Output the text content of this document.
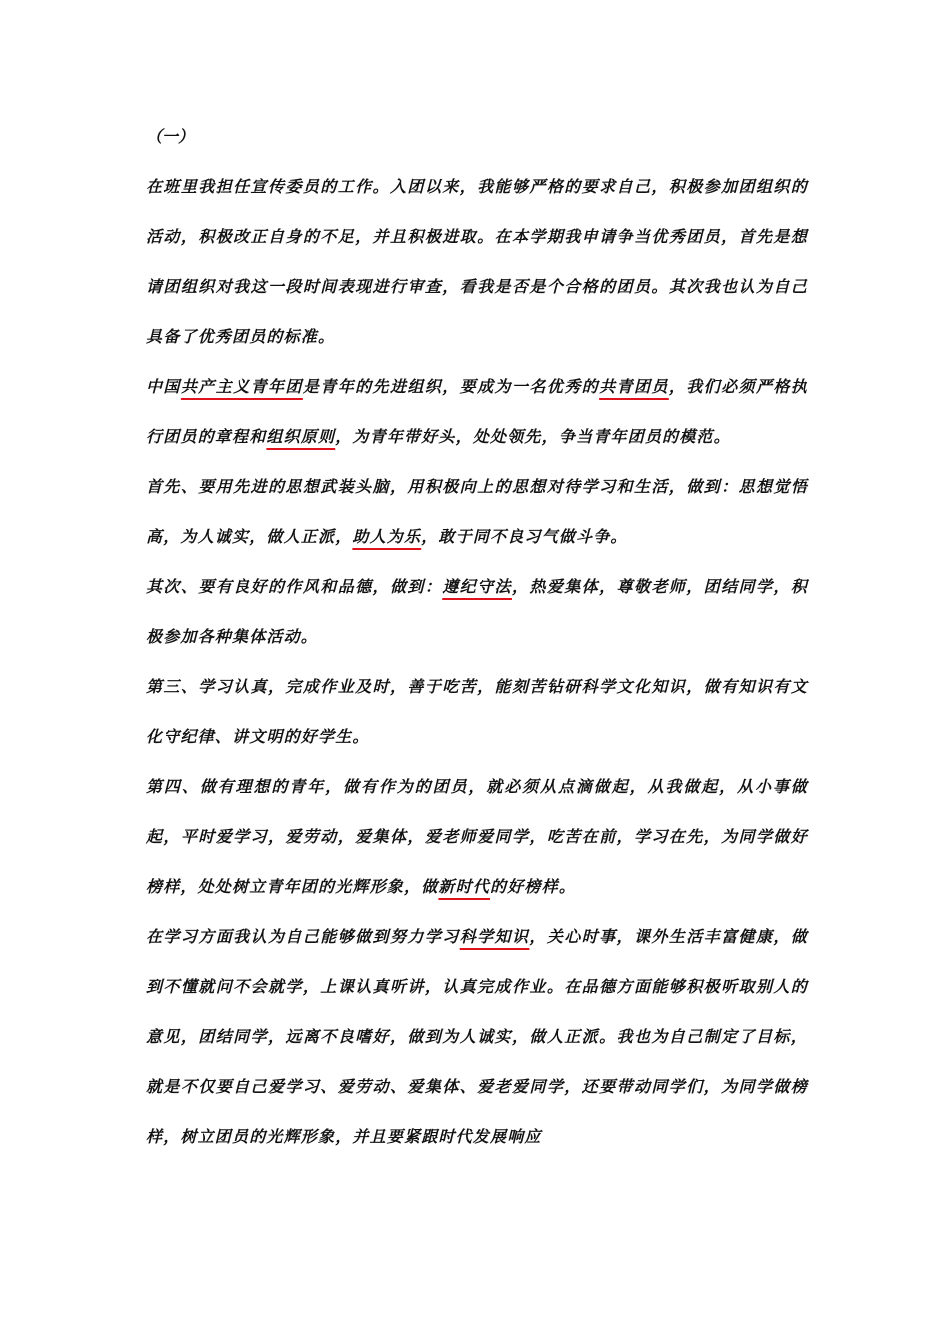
（一）

在班里我担任宣传委员的工作。入团以来，我能够严格的要求自己，积极参加团组织的活动，积极改正自身的不足，并且积极进取。在本学期我申请争当优秀团员，首先是想请团组织对我这一段时间表现进行审查，看我是否是个合格的团员。其次我也认为自己具备了优秀团员的标准。

中国共产主义青年团是青年的先进组织，要成为一名优秀的共青团员，我们必须严格执行团员的章程和组织原则，为青年带好头，处处领先，争当青年团员的模范。

首先、要用先进的思想武装头脑，用积极向上的思想对待学习和生活，做到：思想觉悟高，为人诚实，做人正派，助人为乐，敢于同不良习气做斗争。

其次、要有良好的作风和品德，做到：遵纪守法，热爱集体，尊敬老师，团结同学，积极参加各种集体活动。

第三、学习认真，完成作业及时，善于吃苦，能刻苦钻研科学文化知识，做有知识有文化守纪律、讲文明的好学生。

第四、做有理想的青年，做有作为的团员，就必须从点滴做起，从我做起，从小事做起，平时爱学习，爱劳动，爱集体，爱老师爱同学，吃苦在前，学习在先，为同学做好榜样，处处树立青年团的光辉形象，做新时代的好榜样。

在学习方面我认为自己能够做到努力学习科学知识，关心时事，课外生活丰富健康，做到不懂就问不会就学，上课认真听讲，认真完成作业。在品德方面能够积极听取别人的意见，团结同学，远离不良嗜好，做到为人诚实，做人正派。我也为自己制定了目标，就是不仅要自己爱学习、爱劳动、爱集体、爱老爱同学，还要带动同学们，为同学做榜样，树立团员的光辉形象，并且要紧跟时代发展响应
